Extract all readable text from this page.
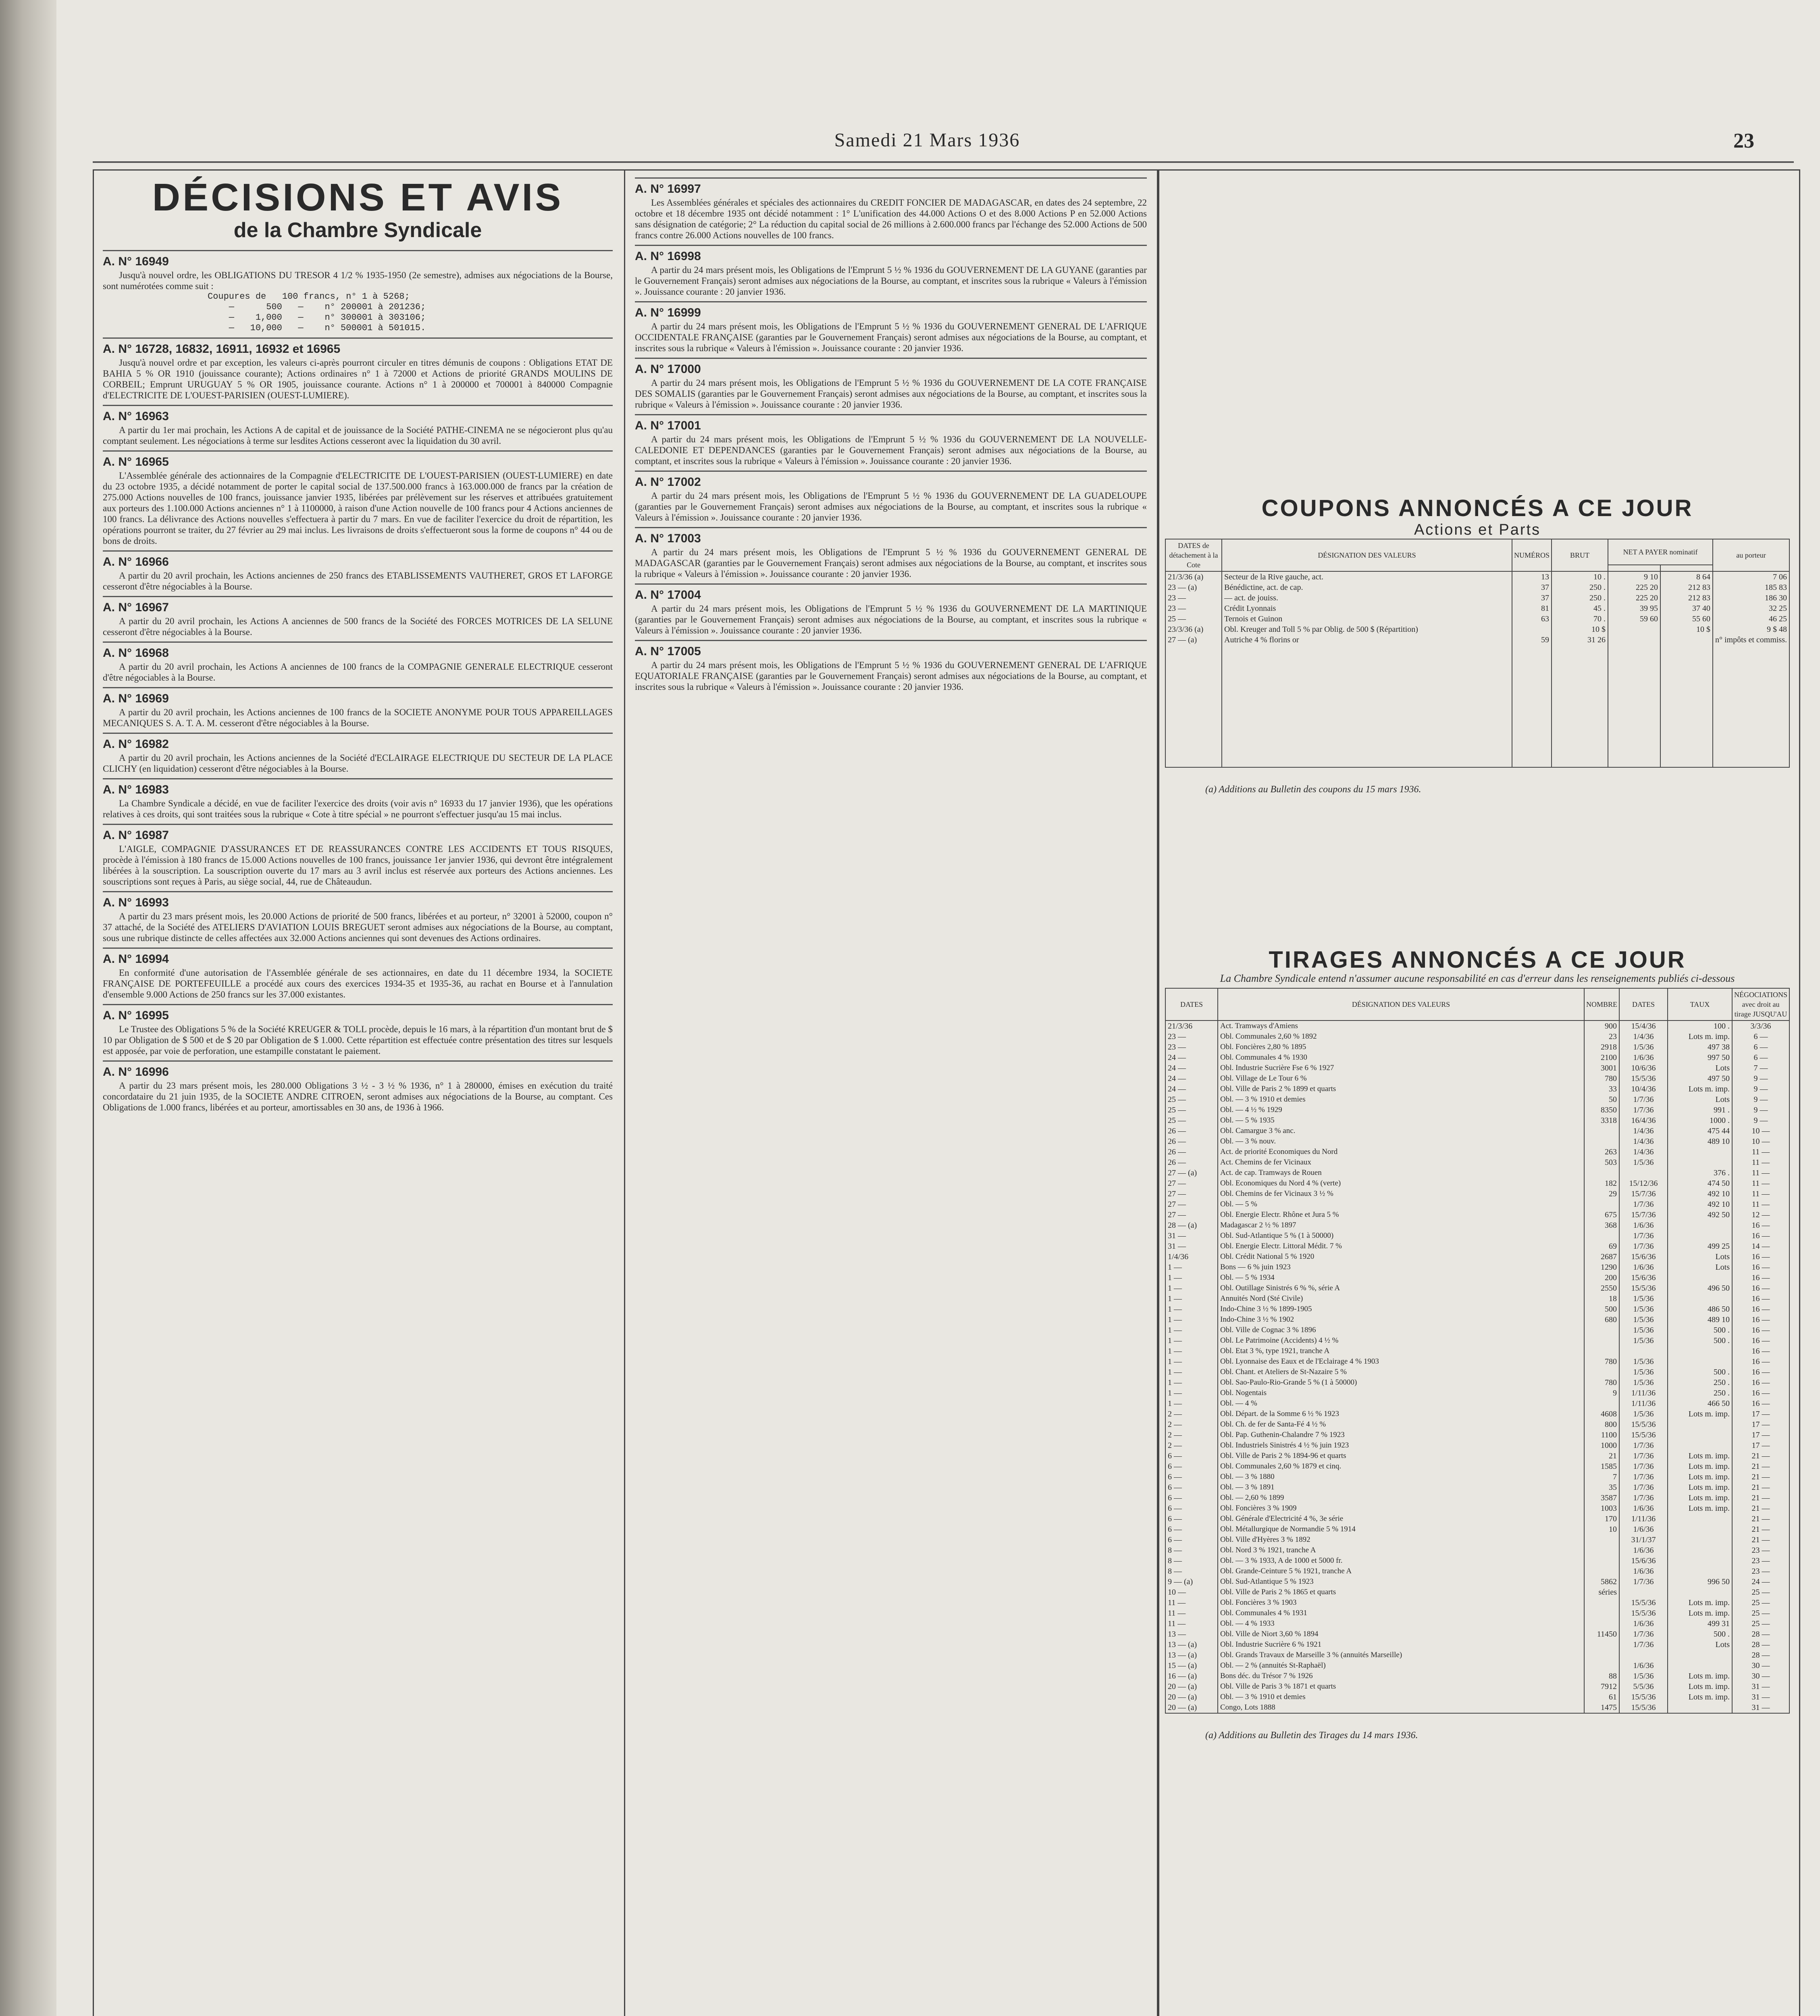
Samedi 21 Mars 1936	23
DÉCISIONS ET AVIS
de la Chambre Syndicale
A. N° 16949

Jusqu'à nouvel ordre, les OBLIGATIONS DU TRESOR 4 1/2 % 1935-1950 (2e semestre), admises aux négociations de la Bourse, sont numérotées comme suit :

Coupures de   100 francs, n° 1 à 5268;
—      500   —    n° 200001 à 201236;
—    1,000   —    n° 300001 à 303106;
—   10,000   —    n° 500001 à 501015.
A. N° 16728, 16832, 16911, 16932 et 16965

Jusqu'à nouvel ordre et par exception, les valeurs ci-après pourront circuler en titres démunis de coupons : Obligations ETAT DE BAHIA 5 % OR 1910 (jouissance courante); Actions ordinaires n° 1 à 72000 et Actions de priorité GRANDS MOULINS DE CORBEIL; Emprunt URUGUAY 5 % OR 1905, jouissance courante. Actions n° 1 à 200000 et 700001 à 840000 Compagnie d'ELECTRICITE DE L'OUEST-PARISIEN (OUEST-LUMIERE).

A. N° 16963

A partir du 1er mai prochain, les Actions A de capital et de jouissance de la Société PATHE-CINEMA ne se négocieront plus qu'au comptant seulement. Les négociations à terme sur lesdites Actions cesseront avec la liquidation du 30 avril.

A. N° 16965

L'Assemblée générale des actionnaires de la Compagnie d'ELECTRICITE DE L'OUEST-PARISIEN (OUEST-LUMIERE) en date du 23 octobre 1935, a décidé notamment de porter le capital social de 137.500.000 francs à 163.000.000 de francs par la création de 275.000 Actions nouvelles de 100 francs, jouissance janvier 1935, libérées par prélèvement sur les réserves et attribuées gratuitement aux porteurs des 1.100.000 Actions anciennes n° 1 à 1100000, à raison d'une Action nouvelle de 100 francs pour 4 Actions anciennes de 100 francs. La délivrance des Actions nouvelles s'effectuera à partir du 7 mars. En vue de faciliter l'exercice du droit de répartition, les opérations pourront se traiter, du 27 février au 29 mai inclus. Les livraisons de droits s'effectueront sous la forme de coupons n° 44 ou de bons de droits.

A. N° 16966

A partir du 20 avril prochain, les Actions anciennes de 250 francs des ETABLISSEMENTS VAUTHERET, GROS ET LAFORGE cesseront d'être négociables à la Bourse.

A. N° 16967

A partir du 20 avril prochain, les Actions A anciennes de 500 francs de la Société des FORCES MOTRICES DE LA SELUNE cesseront d'être négociables à la Bourse.

A. N° 16968

A partir du 20 avril prochain, les Actions A anciennes de 100 francs de la COMPAGNIE GENERALE ELECTRIQUE cesseront d'être négociables à la Bourse.

A. N° 16969

A partir du 20 avril prochain, les Actions anciennes de 100 francs de la SOCIETE ANONYME POUR TOUS APPAREILLAGES MECANIQUES S. A. T. A. M. cesseront d'être négociables à la Bourse.

A. N° 16982

A partir du 20 avril prochain, les Actions anciennes de la Société d'ECLAIRAGE ELECTRIQUE DU SECTEUR DE LA PLACE CLICHY (en liquidation) cesseront d'être négociables à la Bourse.

A. N° 16983

La Chambre Syndicale a décidé, en vue de faciliter l'exercice des droits (voir avis n° 16933 du 17 janvier 1936), que les opérations relatives à ces droits, qui sont traitées sous la rubrique « Cote à titre spécial » ne pourront s'effectuer jusqu'au 15 mai inclus.

A. N° 16987

L'AIGLE, COMPAGNIE D'ASSURANCES ET DE REASSURANCES CONTRE LES ACCIDENTS ET TOUS RISQUES, procède à l'émission à 180 francs de 15.000 Actions nouvelles de 100 francs, jouissance 1er janvier 1936, qui devront être intégralement libérées à la souscription. La souscription ouverte du 17 mars au 3 avril inclus est réservée aux porteurs des Actions anciennes. Les souscriptions sont reçues à Paris, au siège social, 44, rue de Châteaudun.

A. N° 16993

A partir du 23 mars présent mois, les 20.000 Actions de priorité de 500 francs, libérées et au porteur, n° 32001 à 52000, coupon n° 37 attaché, de la Société des ATELIERS D'AVIATION LOUIS BREGUET seront admises aux négociations de la Bourse, au comptant, sous une rubrique distincte de celles affectées aux 32.000 Actions anciennes qui sont devenues des Actions ordinaires.

A. N° 16994

En conformité d'une autorisation de l'Assemblée générale de ses actionnaires, en date du 11 décembre 1934, la SOCIETE FRANÇAISE DE PORTEFEUILLE a procédé aux cours des exercices 1934-35 et 1935-36, au rachat en Bourse et à l'annulation d'ensemble 9.000 Actions de 250 francs sur les 37.000 existantes.

A. N° 16995

Le Trustee des Obligations 5 % de la Société KREUGER & TOLL procède, depuis le 16 mars, à la répartition d'un montant brut de $ 10 par Obligation de $ 500 et de $ 20 par Obligation de $ 1.000. Cette répartition est effectuée contre présentation des titres sur lesquels est apposée, par voie de perforation, une estampille constatant le paiement.

A. N° 16996

A partir du 23 mars présent mois, les 280.000 Obligations 3 ½ - 3 ½ % 1936, n° 1 à 280000, émises en exécution du traité concordataire du 21 juin 1935, de la SOCIETE ANDRE CITROEN, seront admises aux négociations de la Bourse, au comptant. Ces Obligations de 1.000 francs, libérées et au porteur, amortissables en 30 ans, de 1936 à 1966.

A. N° 16997

Les Assemblées générales et spéciales des actionnaires du CREDIT FONCIER DE MADAGASCAR, en dates des 24 septembre, 22 octobre et 18 décembre 1935 ont décidé notamment : 1° L'unification des 44.000 Actions O et des 8.000 Actions P en 52.000 Actions sans désignation de catégorie; 2° La réduction du capital social de 26 millions à 2.600.000 francs par l'échange des 52.000 Actions de 500 francs contre 26.000 Actions nouvelles de 100 francs.

A. N° 16998

A partir du 24 mars présent mois, les Obligations de l'Emprunt 5 ½ % 1936 du GOUVERNEMENT DE LA GUYANE (garanties par le Gouvernement Français) seront admises aux négociations de la Bourse, au comptant, et inscrites sous la rubrique « Valeurs à l'émission ». Jouissance courante : 20 janvier 1936.

A. N° 16999

A partir du 24 mars présent mois, les Obligations de l'Emprunt 5 ½ % 1936 du GOUVERNEMENT GENERAL DE L'AFRIQUE OCCIDENTALE FRANÇAISE (garanties par le Gouvernement Français) seront admises aux négociations de la Bourse, au comptant, et inscrites sous la rubrique « Valeurs à l'émission ». Jouissance courante : 20 janvier 1936.

A. N° 17000

A partir du 24 mars présent mois, les Obligations de l'Emprunt 5 ½ % 1936 du GOUVERNEMENT DE LA COTE FRANÇAISE DES SOMALIS (garanties par le Gouvernement Français) seront admises aux négociations de la Bourse, au comptant, et inscrites sous la rubrique « Valeurs à l'émission ». Jouissance courante : 20 janvier 1936.

A. N° 17001

A partir du 24 mars présent mois, les Obligations de l'Emprunt 5 ½ % 1936 du GOUVERNEMENT DE LA NOUVELLE-CALEDONIE ET DEPENDANCES (garanties par le Gouvernement Français) seront admises aux négociations de la Bourse, au comptant, et inscrites sous la rubrique « Valeurs à l'émission ». Jouissance courante : 20 janvier 1936.

A. N° 17002

A partir du 24 mars présent mois, les Obligations de l'Emprunt 5 ½ % 1936 du GOUVERNEMENT DE LA GUADELOUPE (garanties par le Gouvernement Français) seront admises aux négociations de la Bourse, au comptant, et inscrites sous la rubrique « Valeurs à l'émission ». Jouissance courante : 20 janvier 1936.

A. N° 17003

A partir du 24 mars présent mois, les Obligations de l'Emprunt 5 ½ % 1936 du GOUVERNEMENT GENERAL DE MADAGASCAR (garanties par le Gouvernement Français) seront admises aux négociations de la Bourse, au comptant, et inscrites sous la rubrique « Valeurs à l'émission ». Jouissance courante : 20 janvier 1936.

A. N° 17004

A partir du 24 mars présent mois, les Obligations de l'Emprunt 5 ½ % 1936 du GOUVERNEMENT DE LA MARTINIQUE (garanties par le Gouvernement Français) seront admises aux négociations de la Bourse, au comptant, et inscrites sous la rubrique « Valeurs à l'émission ». Jouissance courante : 20 janvier 1936.

A. N° 17005

A partir du 24 mars présent mois, les Obligations de l'Emprunt 5 ½ % 1936 du GOUVERNEMENT GENERAL DE L'AFRIQUE EQUATORIALE FRANÇAISE (garanties par le Gouvernement Français) seront admises aux négociations de la Bourse, au comptant, et inscrites sous la rubrique « Valeurs à l'émission ». Jouissance courante : 20 janvier 1936.

COUPONS ANNONCÉS A CE JOUR
Actions et Parts
DATES de détachement à la Cote	DÉSIGNATION DES VALEURS	NUMÉROS	BRUT	NET A PAYER nominatif		au porteur

21/3/36 (a)	Secteur de la Rive gauche, act.	13	10 .	9 10	8 64	7 06
23 — (a)	Bénédictine, act. de cap.	37	250 .	225 20	212 83	185 83
23 —	— act. de jouiss.	37	250 .	225 20	212 83	186 30
23 —	Crédit Lyonnais	81	45 .	39 95	37 40	32 25
25 —	Ternois et Guinon	63	70 .	59 60	55 60	46 25
23/3/36 (a)	Obl. Kreuger and Toll 5 % par Oblig. de 500 $ (Répartition)		10 $		10 $	9 $ 48
27 — (a)	Autriche 4 % florins or	59	31 26			n° impôts et commiss.

(a) Additions au Bulletin des coupons du 15 mars 1936.
TIRAGES ANNONCÉS A CE JOUR
La Chambre Syndicale entend n'assumer aucune responsabilité en cas d'erreur dans les renseignements publiés ci-dessous
DATES	DÉSIGNATION DES VALEURS	NOMBRE	DATES	TAUX	NÉGOCIATIONS avec droit au tirage JUSQU'AU
21/3/36	Act. Tramways d'Amiens	900	15/4/36	100 .	3/3/36
23 —	Obl. Communales 2,60 % 1892	23	1/4/36	Lots m. imp.	6 —
23 —	Obl. Foncières 2,80 % 1895	2918	1/5/36	497 38	6 —
24 —	Obl. Communales 4 % 1930	2100	1/6/36	997 50	6 —
24 —	Obl. Industrie Sucrière Fse 6 % 1927	3001	10/6/36	Lots	7 —
24 —	Obl. Village de Le Tour 6 %	780	15/5/36	497 50	9 —
24 —	Obl. Ville de Paris 2 % 1899 et quarts	33	10/4/36	Lots m. imp.	9 —
25 —	Obl. — 3 % 1910 et demies	50	1/7/36	Lots	9 —
25 —	Obl. — 4 ½ % 1929	8350	1/7/36	991 .	9 —
25 —	Obl. — 5 % 1935	3318	16/4/36	1000 .	9 —
26 —	Obl. Camargue 3 % anc.		1/4/36	475 44	10 —
26 —	Obl. — 3 % nouv.		1/4/36	489 10	10 —
26 —	Act. de priorité Economiques du Nord	263	1/4/36		11 —
26 —	Act. Chemins de fer Vicinaux	503	1/5/36		11 —
27 — (a)	Act. de cap. Tramways de Rouen			376 .	11 —
27 —	Obl. Economiques du Nord 4 % (verte)	182	15/12/36	474 50	11 —
27 —	Obl. Chemins de fer Vicinaux 3 ½ %	29	15/7/36	492 10	11 —
27 —	Obl. — 5 %		1/7/36	492 10	11 —
27 —	Obl. Energie Electr. Rhône et Jura 5 %	675	15/7/36	492 50	12 —
28 — (a)	Madagascar 2 ½ % 1897	368	1/6/36		16 —
31 —	Obl. Sud-Atlantique 5 % (1 à 50000)		1/7/36		16 —
31 —	Obl. Energie Electr. Littoral Médit. 7 %	69	1/7/36	499 25	14 —
1/4/36	Obl. Crédit National 5 % 1920	2687	15/6/36	Lots	16 —
1 —	Bons — 6 % juin 1923	1290	1/6/36	Lots	16 —
1 —	Obl. — 5 % 1934	200	15/6/36		16 —
1 —	Obl. Outillage Sinistrés 6 % %, série A	2550	15/5/36	496 50	16 —
1 —	Annuités Nord (Sté Civile)	18	1/5/36		16 —
1 —	Indo-Chine 3 ½ % 1899-1905	500	1/5/36	486 50	16 —
1 —	Indo-Chine 3 ½ % 1902	680	1/5/36	489 10	16 —
1 —	Obl. Ville de Cognac 3 % 1896		1/5/36	500 .	16 —
1 —	Obl. Le Patrimoine (Accidents) 4 ½ %		1/5/36	500 .	16 —
1 —	Obl. Etat 3 %, type 1921, tranche A				16 —
1 —	Obl. Lyonnaise des Eaux et de l'Eclairage 4 % 1903	780	1/5/36		16 —
1 —	Obl. Chant. et Ateliers de St-Nazaire 5 %		1/5/36	500 .	16 —
1 —	Obl. Sao-Paulo-Rio-Grande 5 % (1 à 50000)	780	1/5/36	250 .	16 —
1 —	Obl. Nogentais	9	1/11/36	250 .	16 —
1 —	Obl. — 4 %		1/11/36	466 50	16 —
2 —	Obl. Départ. de la Somme 6 ½ % 1923	4608	1/5/36	Lots m. imp.	17 —
2 —	Obl. Ch. de fer de Santa-Fé 4 ½ %	800	15/5/36		17 —
2 —	Obl. Pap. Guthenin-Chalandre 7 % 1923	1100	15/5/36		17 —
2 —	Obl. Industriels Sinistrés 4 ½ % juin 1923	1000	1/7/36		17 —
6 —	Obl. Ville de Paris 2 % 1894-96 et quarts	21	1/7/36	Lots m. imp.	21 —
6 —	Obl. Communales 2,60 % 1879 et cinq.	1585	1/7/36	Lots m. imp.	21 —
6 —	Obl. — 3 % 1880	7	1/7/36	Lots m. imp.	21 —
6 —	Obl. — 3 % 1891	35	1/7/36	Lots m. imp.	21 —
6 —	Obl. — 2,60 % 1899	3587	1/7/36	Lots m. imp.	21 —
6 —	Obl. Foncières 3 % 1909	1003	1/6/36	Lots m. imp.	21 —
6 —	Obl. Générale d'Electricité 4 %, 3e série	170	1/11/36		21 —
6 —	Obl. Métallurgique de Normandie 5 % 1914	10	1/6/36		21 —
6 —	Obl. Ville d'Hyères 3 % 1892		31/1/37		21 —
8 —	Obl. Nord 3 % 1921, tranche A		1/6/36		23 —
8 —	Obl. — 3 % 1933, A de 1000 et 5000 fr.		15/6/36		23 —
8 —	Obl. Grande-Ceinture 5 % 1921, tranche A		1/6/36		23 —
9 — (a)	Obl. Sud-Atlantique 5 % 1923	5862	1/7/36	996 50	24 —
10 —	Obl. Ville de Paris 2 % 1865 et quarts	séries			25 —
11 —	Obl. Foncières 3 % 1903		15/5/36	Lots m. imp.	25 —
11 —	Obl. Communales 4 % 1931		15/5/36	Lots m. imp.	25 —
11 —	Obl. — 4 % 1933		1/6/36	499 31	25 —
13 —	Obl. Ville de Niort 3,60 % 1894	11450	1/7/36	500 .	28 —
13 — (a)	Obl. Industrie Sucrière 6 % 1921		1/7/36	Lots	28 —
13 — (a)	Obl. Grands Travaux de Marseille 3 % (annuités Marseille)				28 —
15 — (a)	Obl. — 2 % (annuités St-Raphaël)		1/6/36		30 —
16 — (a)	Bons déc. du Trésor 7 % 1926	88	1/5/36	Lots m. imp.	30 —
20 — (a)	Obl. Ville de Paris 3 % 1871 et quarts	7912	5/5/36	Lots m. imp.	31 —
20 — (a)	Obl. — 3 % 1910 et demies	61	15/5/36	Lots m. imp.	31 —
20 — (a)	Congo, Lots 1888	1475	15/5/36		31 —
(a) Additions au Bulletin des Tirages du 14 mars 1936.
